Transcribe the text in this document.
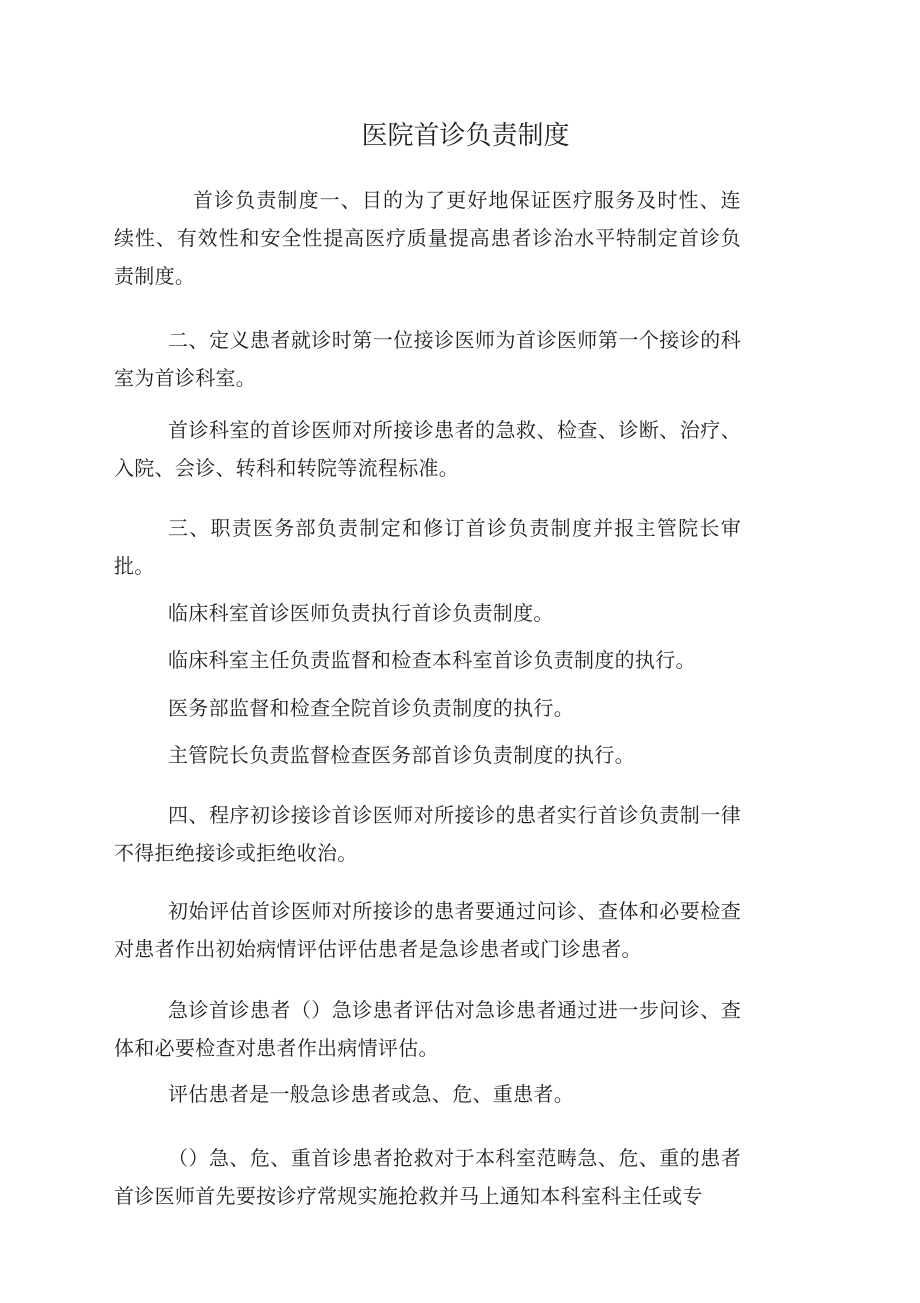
医院首诊负责制度

首诊负责制度一、目的为了更好地保证医疗服务及时性、连续性、有效性和安全性提高医疗质量提高患者诊治水平特制定首诊负责制度。

二、定义患者就诊时第一位接诊医师为首诊医师第一个接诊的科室为首诊科室。

首诊科室的首诊医师对所接诊患者的急救、检查、诊断、治疗、入院、会诊、转科和转院等流程标准。

三、职责医务部负责制定和修订首诊负责制度并报主管院长审批。

临床科室首诊医师负责执行首诊负责制度。

临床科室主任负责监督和检查本科室首诊负责制度的执行。

医务部监督和检查全院首诊负责制度的执行。

主管院长负责监督检查医务部首诊负责制度的执行。

四、程序初诊接诊首诊医师对所接诊的患者实行首诊负责制一律不得拒绝接诊或拒绝收治。

初始评估首诊医师对所接诊的患者要通过问诊、查体和必要检查对患者作出初始病情评估评估患者是急诊患者或门诊患者。

急诊首诊患者（）急诊患者评估对急诊患者通过进一步问诊、查体和必要检查对患者作出病情评估。

评估患者是一般急诊患者或急、危、重患者。

（）急、危、重首诊患者抢救对于本科室范畴急、危、重的患者首诊医师首先要按诊疗常规实施抢救并马上通知本科室科主任或专
